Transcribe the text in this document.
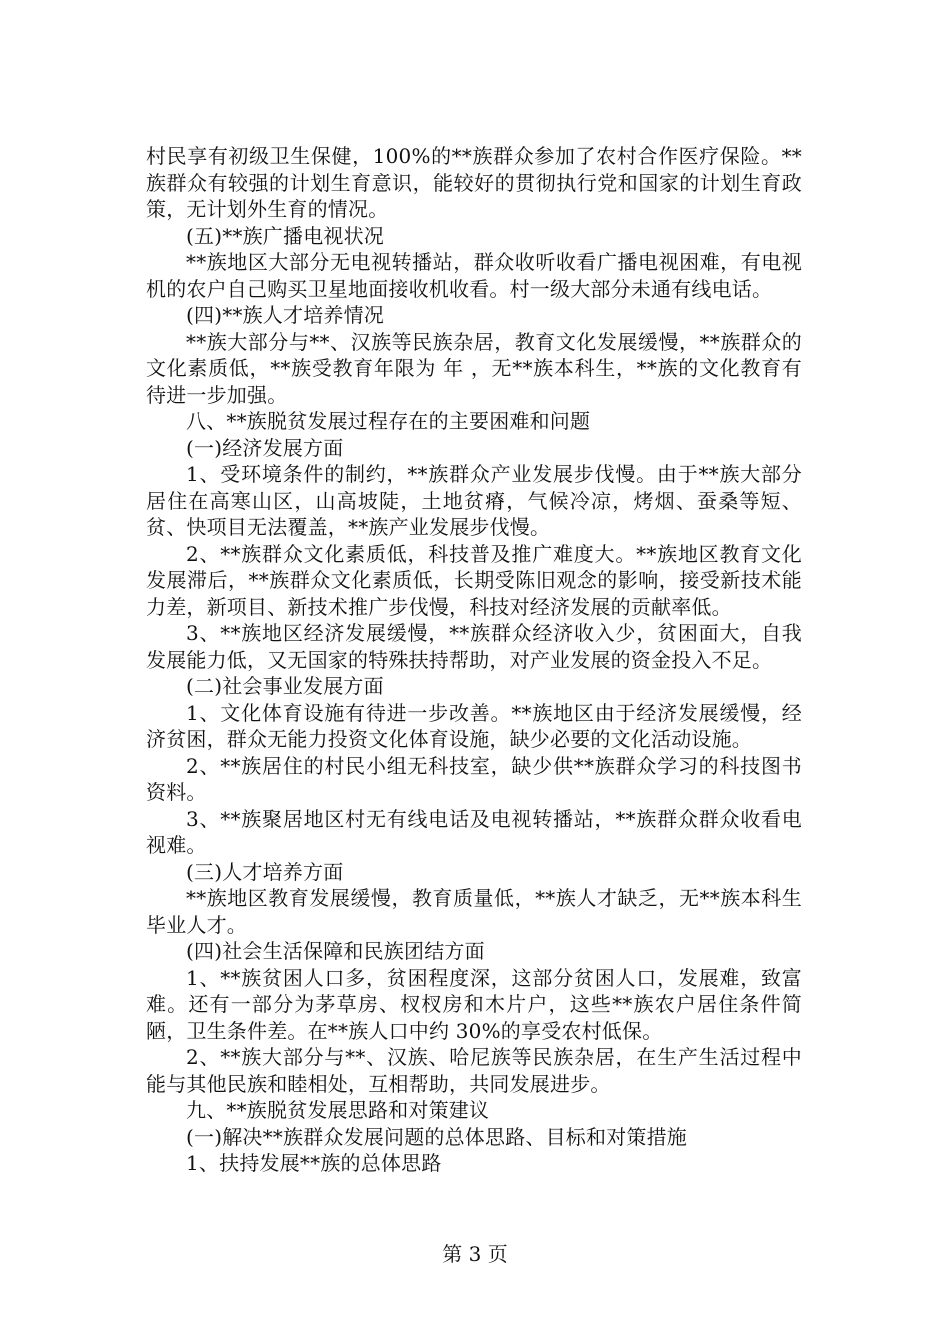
村民享有初级卫生保健，100%的**族群众参加了农村合作医疗保险。**族群众有较强的计划生育意识，能较好的贯彻执行党和国家的计划生育政策，无计划外生育的情况。

(五)**族广播电视状况

**族地区大部分无电视转播站，群众收听收看广播电视困难，有电视机的农户自己购买卫星地面接收机收看。村一级大部分未通有线电话。

(四)**族人才培养情况

**族大部分与**、汉族等民族杂居，教育文化发展缓慢，**族群众的文化素质低，**族受教育年限为 年 ，无**族本科生，**族的文化教育有待进一步加强。

八、**族脱贫发展过程存在的主要困难和问题

(一)经济发展方面

1、受环境条件的制约，**族群众产业发展步伐慢。由于**族大部分居住在高寒山区，山高坡陡，土地贫瘠，气候冷凉，烤烟、蚕桑等短、贫、快项目无法覆盖，**族产业发展步伐慢。

2、**族群众文化素质低，科技普及推广难度大。**族地区教育文化发展滞后，**族群众文化素质低，长期受陈旧观念的影响，接受新技术能力差，新项目、新技术推广步伐慢，科技对经济发展的贡献率低。

3、**族地区经济发展缓慢，**族群众经济收入少，贫困面大，自我发展能力低，又无国家的特殊扶持帮助，对产业发展的资金投入不足。

(二)社会事业发展方面

1、文化体育设施有待进一步改善。**族地区由于经济发展缓慢，经济贫困，群众无能力投资文化体育设施，缺少必要的文化活动设施。

2、**族居住的村民小组无科技室，缺少供**族群众学习的科技图书资料。

3、**族聚居地区村无有线电话及电视转播站，**族群众群众收看电视难。

(三)人才培养方面

**族地区教育发展缓慢，教育质量低，**族人才缺乏，无**族本科生毕业人才。

(四)社会生活保障和民族团结方面

1、**族贫困人口多，贫困程度深，这部分贫困人口，发展难，致富难。还有一部分为茅草房、杈杈房和木片户，这些**族农户居住条件简陋，卫生条件差。在**族人口中约 30%的享受农村低保。

2、**族大部分与**、汉族、哈尼族等民族杂居，在生产生活过程中能与其他民族和睦相处，互相帮助，共同发展进步。

九、**族脱贫发展思路和对策建议

(一)解决**族群众发展问题的总体思路、目标和对策措施

1、扶持发展**族的总体思路

第 3 页
